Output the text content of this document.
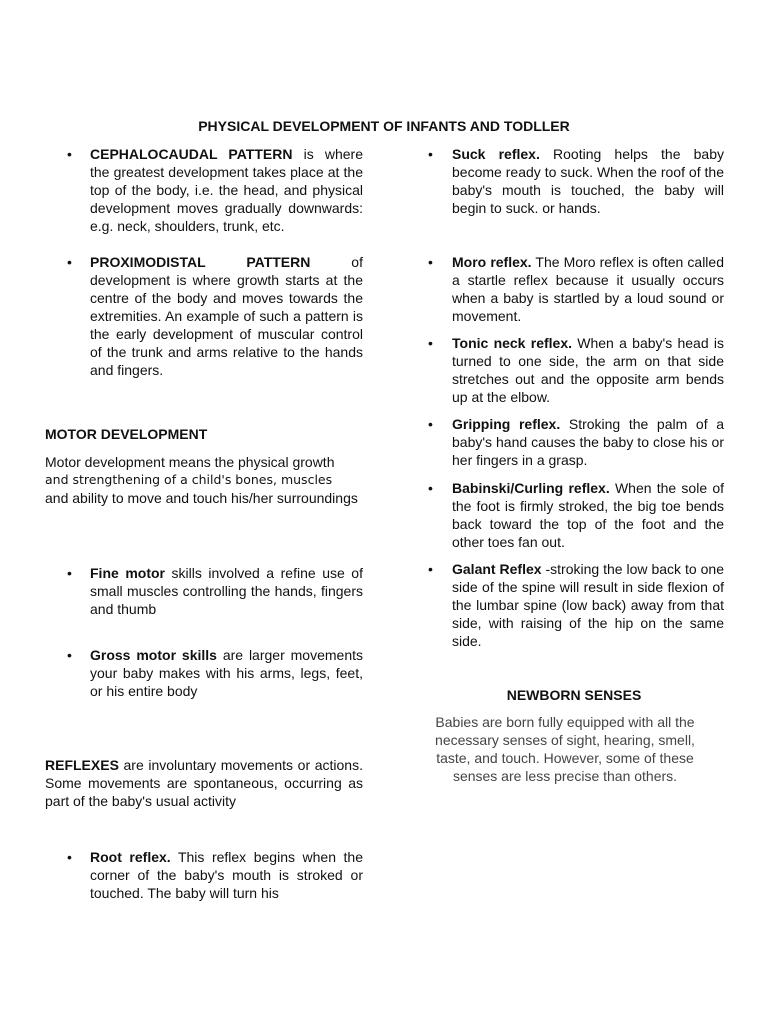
PHYSICAL DEVELOPMENT OF INFANTS AND TODLLER
• CEPHALOCAUDAL PATTERN is where the greatest development takes place at the top of the body, i.e. the head, and physical development moves gradually downwards: e.g. neck, shoulders, trunk, etc.
• PROXIMODISTAL PATTERN of development is where growth starts at the centre of the body and moves towards the extremities. An example of such a pattern is the early development of muscular control of the trunk and arms relative to the hands and fingers.
MOTOR DEVELOPMENT
Motor development means the physical growth
and strengthening of a child's bones, muscles
and ability to move and touch his/her surroundings
• Fine motor skills involved a refine use of small muscles controlling the hands, fingers and thumb
• Gross motor skills are larger movements your baby makes with his arms, legs, feet, or his entire body
REFLEXES are involuntary movements or actions. Some movements are spontaneous, occurring as part of the baby's usual activity
• Root reflex. This reflex begins when the corner of the baby's mouth is stroked or touched. The baby will turn his
• Suck reflex. Rooting helps the baby become ready to suck. When the roof of the baby's mouth is touched, the baby will begin to suck. or hands.
• Moro reflex. The Moro reflex is often called a startle reflex because it usually occurs when a baby is startled by a loud sound or movement.
• Tonic neck reflex. When a baby's head is turned to one side, the arm on that side stretches out and the opposite arm bends up at the elbow.
• Gripping reflex. Stroking the palm of a baby's hand causes the baby to close his or her fingers in a grasp.
• Babinski/Curling reflex. When the sole of the foot is firmly stroked, the big toe bends back toward the top of the foot and the other toes fan out.
• Galant Reflex -stroking the low back to one side of the spine will result in side flexion of the lumbar spine (low back) away from that side, with raising of the hip on the same side.
NEWBORN SENSES
Babies are born fully equipped with all the necessary senses of sight, hearing, smell, taste, and touch. However, some of these senses are less precise than others.
